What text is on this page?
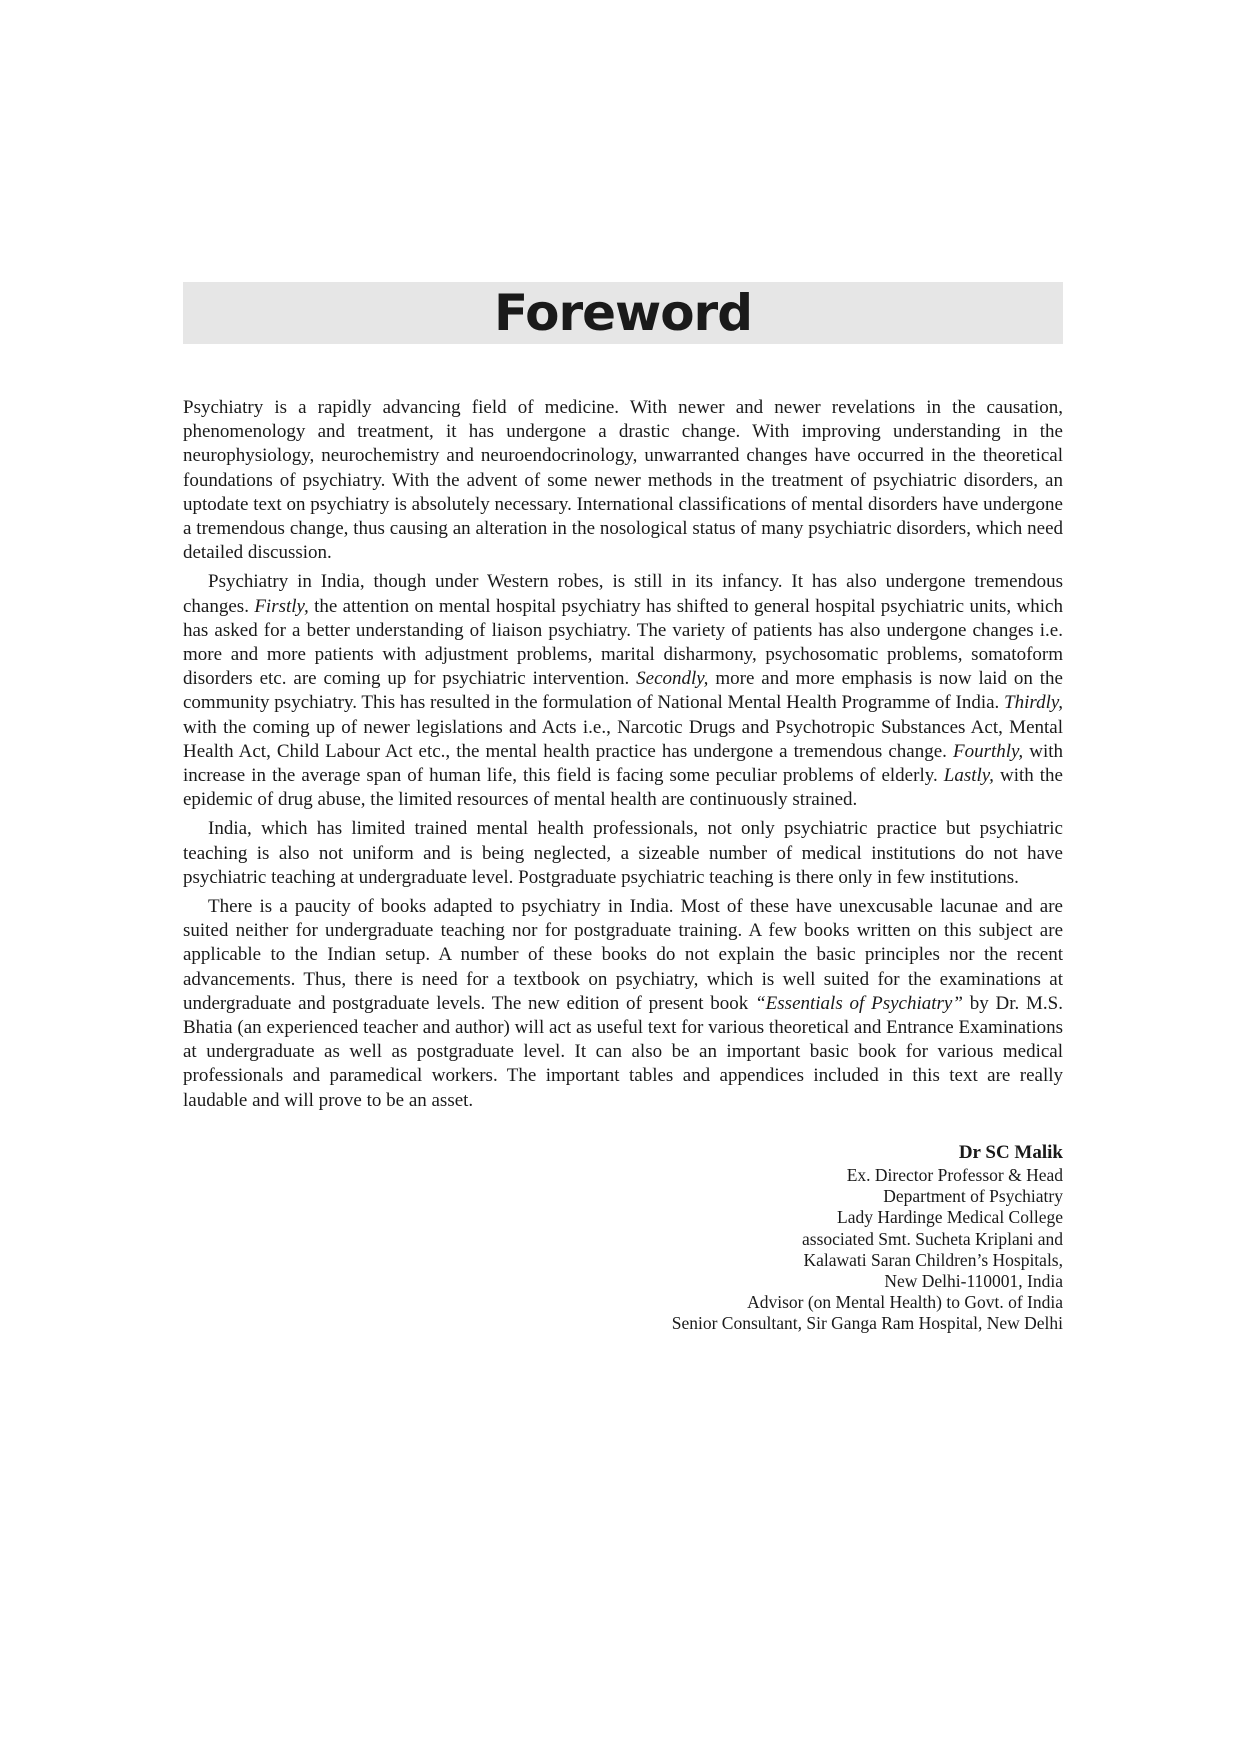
Foreword

Psychiatry is a rapidly advancing field of medicine. With newer and newer revelations in the causation, phenomenology and treatment, it has undergone a drastic change. With improving understanding in the neurophysiology, neurochemistry and neuroendocrinology, unwarranted changes have occurred in the theoretical foundations of psychiatry. With the advent of some newer methods in the treatment of psychiatric disorders, an uptodate text on psychiatry is absolutely necessary. International classifications of mental disorders have undergone a tremendous change, thus causing an alteration in the nosological status of many psychiatric disorders, which need detailed discussion.

Psychiatry in India, though under Western robes, is still in its infancy. It has also undergone tremendous changes. Firstly, the attention on mental hospital psychiatry has shifted to general hospital psychiatric units, which has asked for a better understanding of liaison psychiatry. The variety of patients has also undergone changes i.e. more and more patients with adjustment problems, marital disharmony, psychosomatic problems, somatoform disorders etc. are coming up for psychiatric intervention. Secondly, more and more emphasis is now laid on the community psychiatry. This has resulted in the formulation of National Mental Health Programme of India. Thirdly, with the coming up of newer legislations and Acts i.e., Narcotic Drugs and Psychotropic Substances Act, Mental Health Act, Child Labour Act etc., the mental health practice has undergone a tremendous change. Fourthly, with increase in the average span of human life, this field is facing some peculiar problems of elderly. Lastly, with the epidemic of drug abuse, the limited resources of mental health are continuously strained.

India, which has limited trained mental health professionals, not only psychiatric practice but psychiatric teaching is also not uniform and is being neglected, a sizeable number of medical institutions do not have psychiatric teaching at undergraduate level. Postgraduate psychiatric teaching is there only in few institutions.

There is a paucity of books adapted to psychiatry in India. Most of these have unexcusable lacunae and are suited neither for undergraduate teaching nor for postgraduate training. A few books written on this subject are applicable to the Indian setup. A number of these books do not explain the basic principles nor the recent advancements. Thus, there is need for a textbook on psychiatry, which is well suited for the examinations at undergraduate and postgraduate levels. The new edition of present book “Essentials of Psychiatry” by Dr. M.S. Bhatia (an experienced teacher and author) will act as useful text for various theoretical and Entrance Examinations at undergraduate as well as postgraduate level. It can also be an important basic book for various medical professionals and paramedical workers. The important tables and appendices included in this text are really laudable and will prove to be an asset.

Dr SC Malik
Ex. Director Professor & Head
Department of Psychiatry
Lady Hardinge Medical College
associated Smt. Sucheta Kriplani and
Kalawati Saran Children’s Hospitals,
New Delhi-110001, India
Advisor (on Mental Health) to Govt. of India
Senior Consultant, Sir Ganga Ram Hospital, New Delhi
